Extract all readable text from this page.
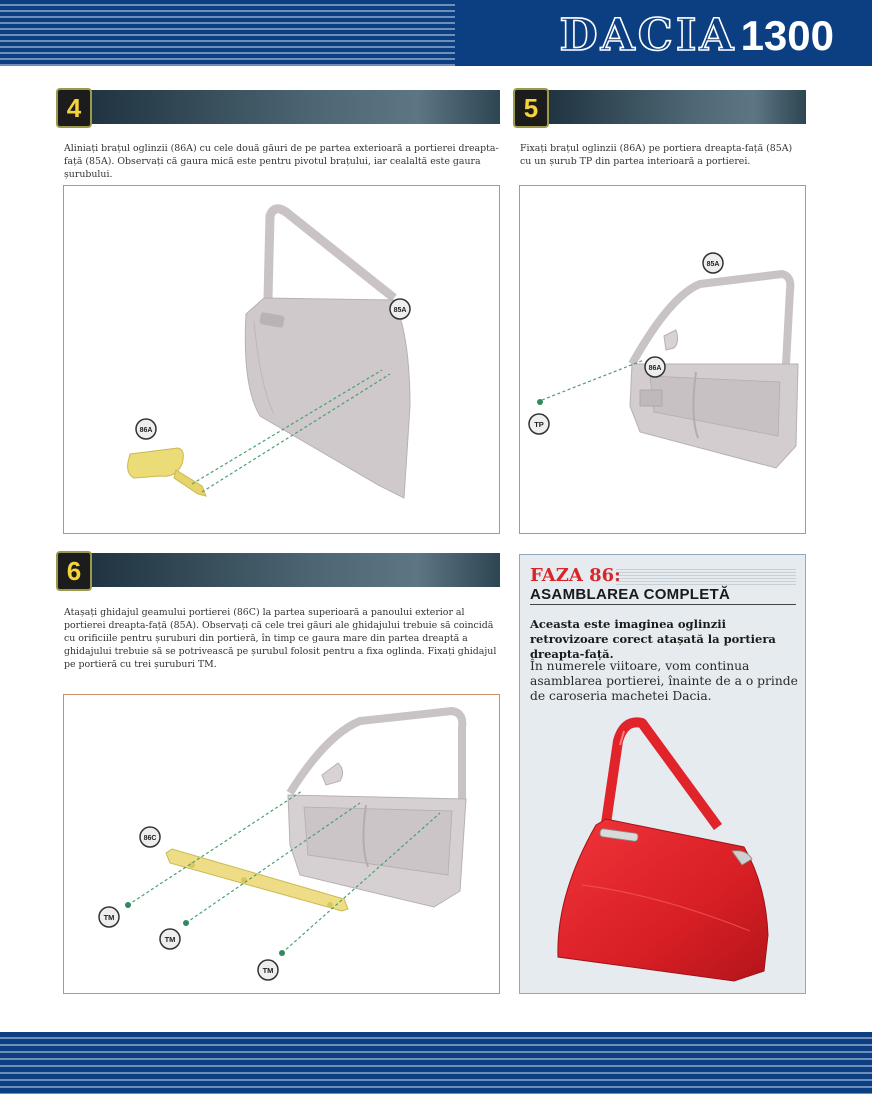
DACIA 1300
4
Aliniați brațul oglinzii (86A) cu cele două găuri de pe partea exterioară a portierei dreapta-față (85A). Observați că gaura mică este pentru pivotul brațului, iar cealaltă este gaura șurubului.
85A
86A
5
Fixați brațul oglinzii (86A) pe portiera dreapta-față (85A) cu un șurub TP din partea interioară a portierei.
85A
86A
TP
6
Atașați ghidajul geamului portierei (86C) la partea superioară a panoului exterior al portierei dreapta-față (85A). Observați că cele trei găuri ale ghidajului trebuie să coincidă cu orificiile pentru șuruburi din portieră, în timp ce gaura mare din partea dreaptă a ghidajului trebuie să se potrivească pe șurubul folosit pentru a fixa oglinda. Fixați ghidajul pe portieră cu trei șuruburi TM.
86C
TM
TM
TM
FAZA 86:
ASAMBLAREA COMPLETĂ
Aceasta este imaginea oglinzii retrovizoare corect atașată la portiera dreapta-față.
În numerele viitoare, vom continua asamblarea portierei, înainte de a o prinde de caroseria machetei Dacia.
